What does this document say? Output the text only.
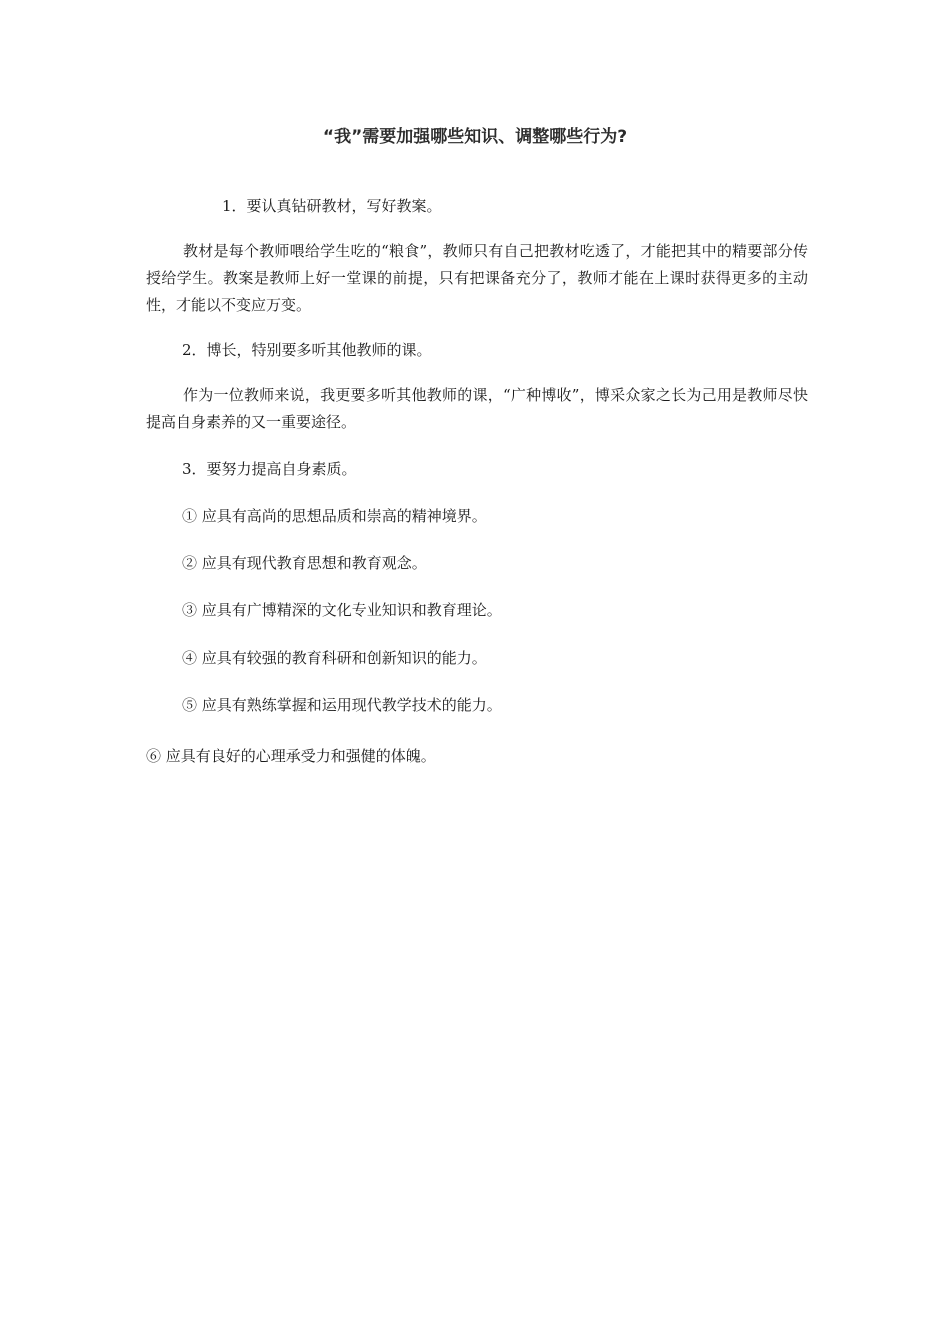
“我”需要加强哪些知识、调整哪些行为?

1．要认真钻研教材，写好教案。

教材是每个教师喂给学生吃的“粮食”，教师只有自己把教材吃透了，才能把其中的精要部分传授给学生。教案是教师上好一堂课的前提，只有把课备充分了，教师才能在上课时获得更多的主动性，才能以不变应万变。

2．博长，特别要多听其他教师的课。

作为一位教师来说，我更要多听其他教师的课，“广种博收”，博采众家之长为己用是教师尽快提高自身素养的又一重要途径。

3．要努力提高自身素质。

① 应具有高尚的思想品质和崇高的精神境界。

② 应具有现代教育思想和教育观念。

③ 应具有广博精深的文化专业知识和教育理论。

④ 应具有较强的教育科研和创新知识的能力。

⑤ 应具有熟练掌握和运用现代教学技术的能力。

⑥ 应具有良好的心理承受力和强健的体魄。
